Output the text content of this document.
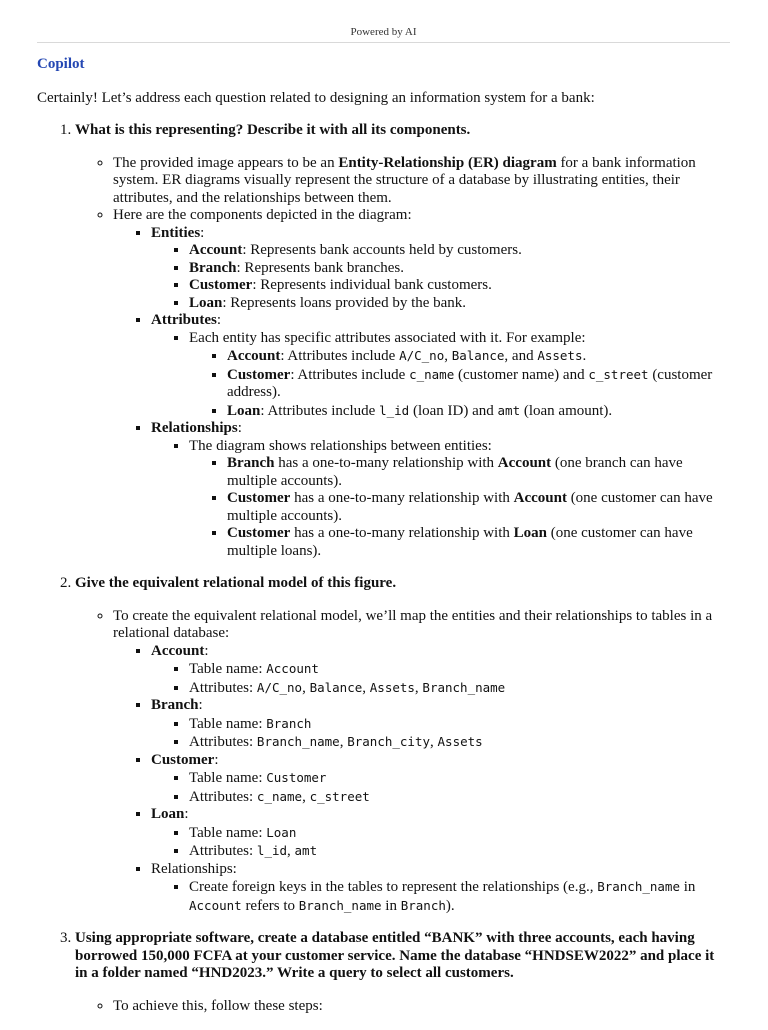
Powered by AI

Copilot

Certainly! Let’s address each question related to designing an information system for a bank:

1. What is this representing? Describe it with all its components.
◦ The provided image appears to be an Entity-Relationship (ER) diagram for a bank information system. ER diagrams visually represent the structure of a database by illustrating entities, their attributes, and the relationships between them.
◦ Here are the components depicted in the diagram:
▪ Entities:
▪ Account: Represents bank accounts held by customers.
▪ Branch: Represents bank branches.
▪ Customer: Represents individual bank customers.
▪ Loan: Represents loans provided by the bank.
▪ Attributes:
▪ Each entity has specific attributes associated with it. For example:
▪ Account: Attributes include A/C_no, Balance, and Assets.
▪ Customer: Attributes include c_name (customer name) and c_street (customer address).
▪ Loan: Attributes include l_id (loan ID) and amt (loan amount).
▪ Relationships:
▪ The diagram shows relationships between entities:
▪ Branch has a one-to-many relationship with Account (one branch can have multiple accounts).
▪ Customer has a one-to-many relationship with Account (one customer can have multiple accounts).
▪ Customer has a one-to-many relationship with Loan (one customer can have multiple loans).
2. Give the equivalent relational model of this figure.
◦ To create the equivalent relational model, we’ll map the entities and their relationships to tables in a relational database:
▪ Account:
▪ Table name: Account
▪ Attributes: A/C_no, Balance, Assets, Branch_name
▪ Branch:
▪ Table name: Branch
▪ Attributes: Branch_name, Branch_city, Assets
▪ Customer:
▪ Table name: Customer
▪ Attributes: c_name, c_street
▪ Loan:
▪ Table name: Loan
▪ Attributes: l_id, amt
▪ Relationships:
▪ Create foreign keys in the tables to represent the relationships (e.g., Branch_name in Account refers to Branch_name in Branch).
3. Using appropriate software, create a database entitled “BANK” with three accounts, each having borrowed 150,000 FCFA at your customer service. Name the database “HNDSEW2022” and place it in a folder named “HND2023.” Write a query to select all customers.
◦ To achieve this, follow these steps:
